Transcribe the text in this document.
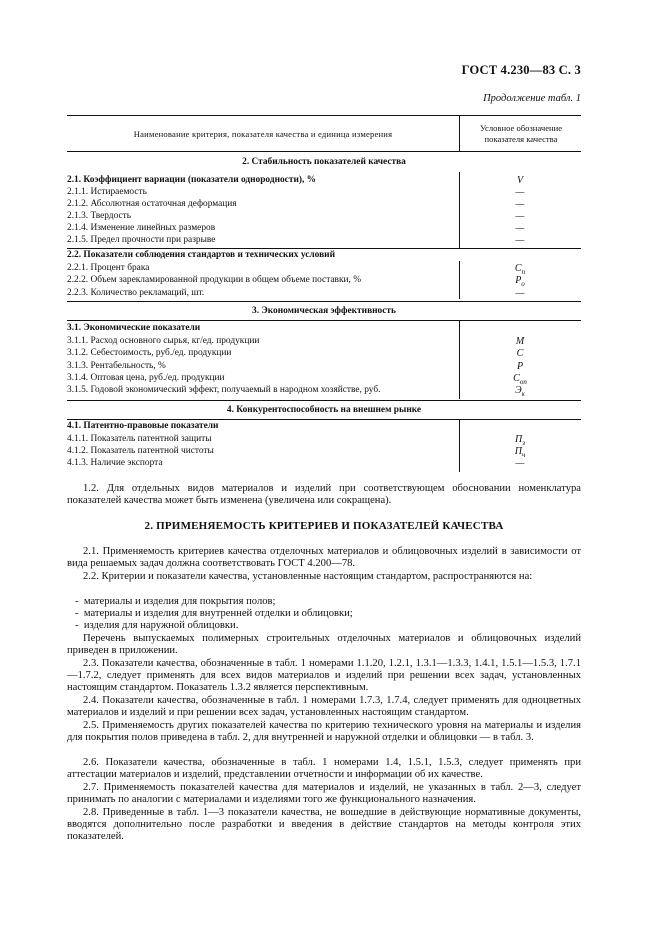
ГОСТ 4.230—83 С. 3
Продолжение табл. 1
Наименование критерия, показателя качества и единица измерения
Условное обозначение
показателя качества
2. Стабильность показателей качества
2.1. Коэффициент вариации (показатели однородности), %	V
2.1.1. Истираемость	—
2.1.2. Абсолютная остаточная деформация	—
2.1.3. Твердость	—
2.1.4. Изменение линейных размеров	—
2.1.5. Предел прочности при разрыве	—
2.2. Показатели соблюдения стандартов и технических условий
2.2.1. Процент брака	$C_п$
2.2.2. Объем зарекламированной продукции в общем объеме поставки, %	$P_о$
2.2.3. Количество рекламаций, шт.	—
3. Экономическая эффективность
3.1. Экономические показатели
3.1.1. Расход основного сырья, кг/ед. продукции	M
3.1.2. Себестоимость, руб./ед. продукции	C
3.1.3. Рентабельность, %	P
3.1.4. Оптовая цена, руб./ед. продукции	$C_{оп}$
3.1.5. Годовой экономический эффект, получаемый в народном хозяйстве, руб.	$Э_к$
4. Конкурентоспособность на внешнем рынке
4.1. Патентно-правовые показатели
4.1.1. Показатель патентной защиты	$П_з$
4.1.2. Показатель патентной чистоты	$П_ч$
4.1.3. Наличие экспорта	—
1.2. Для отдельных видов материалов и изделий при соответствующем обосновании номенклатура показателей качества может быть изменена (увеличена или сокращена).
2. ПРИМЕНЯЕМОСТЬ КРИТЕРИЕВ И ПОКАЗАТЕЛЕЙ КАЧЕСТВА
2.1. Применяемость критериев качества отделочных материалов и облицовочных изделий в зависимости от вида решаемых задач должна соответствовать ГОСТ 4.200—78.
2.2. Критерии и показатели качества, установленные настоящим стандартом, распространяются на:
-  материалы и изделия для покрытия полов;
-  материалы и изделия для внутренней отделки и облицовки;
-  изделия для наружной облицовки.
Перечень выпускаемых полимерных строительных отделочных материалов и облицовочных изделий приведен в приложении.
2.3. Показатели качества, обозначенные в табл. 1 номерами 1.1.20, 1.2.1, 1.3.1—1.3.3, 1.4.1, 1.5.1—1.5.3, 1.7.1—1.7.2, следует применять для всех видов материалов и изделий при решении всех задач, установленных настоящим стандартом. Показатель 1.3.2 является перспективным.
2.4. Показатели качества, обозначенные в табл. 1 номерами 1.7.3, 1.7.4, следует применять для одноцветных материалов и изделий и при решении всех задач, установленных настоящим стандартом.
2.5. Применяемость других показателей качества по критерию технического уровня на материалы и изделия для покрытия полов приведена в табл. 2, для внутренней и наружной отделки и облицовки — в табл. 3.
2.6. Показатели качества, обозначенные в табл. 1 номерами 1.4, 1.5.1, 1.5.3, следует применять при аттестации материалов и изделий, представлении отчетности и информации об их качестве.
2.7. Применяемость показателей качества для материалов и изделий, не указанных в табл. 2—3, следует принимать по аналогии с материалами и изделиями того же функционального назначения.
2.8. Приведенные в табл. 1—3 показатели качества, не вошедшие в действующие нормативные документы, вводятся дополнительно после разработки и введения в действие стандартов на методы контроля этих показателей.
